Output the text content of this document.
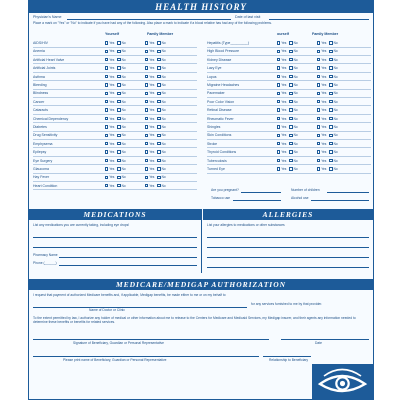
HEALTH HISTORY
Physician's Name	Date of last visit
Place a mark on "Yes" or "No" to indicate if you have had any of the following. Also place a mark to indicate if a blood relative has had any of the following problems.
Yourself	Family Member	ourself	Family Member
AIDS/HIV	Yes No	Yes No
Anemia	Yes No	Yes No
Artificial Heart Valve	Yes No	Yes No
Artificial Joints	Yes No	Yes No
Asthma	Yes No	Yes No
Bleeding	Yes No	Yes No
Blindness	Yes No	Yes No
Cancer	Yes No	Yes No
Cataracts	Yes No	Yes No
Chemical Dependency	Yes No	Yes No
Diabetes	Yes No	Yes No
Drug Sensitivity	Yes No	Yes No
Emphysema	Yes No	Yes No
Epilepsy	Yes No	Yes No
Eye Surgery	Yes No	Yes No
Glaucoma	Yes No	Yes No
Hay Fever	Yes No	Yes No
Heart Condition	Yes No	Yes No
Hepatitis (Type_________)	Yes No	Yes No
High Blood Pressure	Yes No	Yes No
Kidney Disease	Yes No	Yes No
Lazy Eye	Yes No	Yes No
Lupus	Yes No	Yes No
Migraine Headaches	Yes No	Yes No
Pacemaker	Yes No	Yes No
Poor Color Vision	Yes No	Yes No
Retinal Disease	Yes No	Yes No
Rheumatic Fever	Yes No	Yes No
Shingles	Yes No	Yes No
Skin Conditions	Yes No	Yes No
Stroke	Yes No	Yes No
Thyroid Conditions	Yes No	Yes No
Tuberculosis	Yes No	Yes No
Turned Eye	Yes No	Yes No
Are you pregnant?	Number of children
Tobacco use	Alcohol use
MEDICATIONS	ALLERGIES
List any medications you are currently taking, including eye drops!
Pharmacy Name
Phone (______)
List your allergies to medications or other substances
MEDICARE/MEDIGAP AUTHORIZATION
I request that payment of authorized Medicare benefits and, if applicable, Medigap benefits, be made either to me or on my behalf to
for any services furnished to me by that provider.
Name of Doctor or Clinic
To the extent permitted by law, I authorize any holder of medical or other information about me to release to the Centers for Medicare and Medicaid Services, my Medigap insurer, and their agents any information needed to determine these benefits or benefits for related services.
Signature of Beneficiary, Guardian or Personal Representative	Date
Please print name of Beneficiary, Guardian or Personal Representative	Relationship to Beneficiary
